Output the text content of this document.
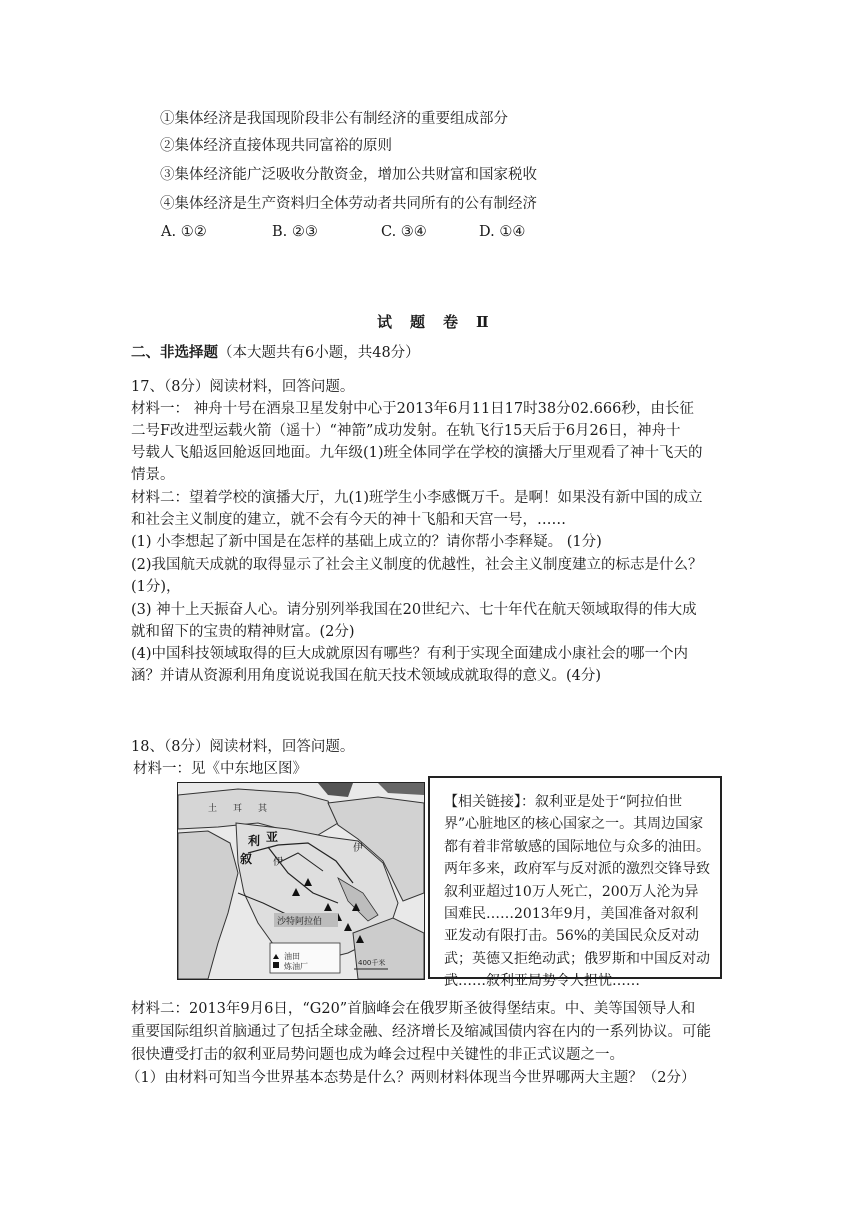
①集体经济是我国现阶段非公有制经济的重要组成部分
②集体经济直接体现共同富裕的原则
③集体经济能广泛吸收分散资金，增加公共财富和国家税收
④集体经济是生产资料归全体劳动者共同所有的公有制经济
A. ①②	B. ②③	C. ③④	D. ①④
试 题 卷 Ⅱ
二、非选择题（本大题共有6小题，共48分）
17、（8分）阅读材料，回答问题。
材料一： 神舟十号在酒泉卫星发射中心于2013年6月11日17时38分02.666秒，由长征
二号F改进型运载火箭（遥十）“神箭”成功发射。在轨飞行15天后于6月26日，神舟十
号载人飞船返回舱返回地面。九年级(1)班全体同学在学校的演播大厅里观看了神十飞天的
情景。
材料二：望着学校的演播大厅，九(1)班学生小李感慨万千。是啊！如果没有新中国的成立
和社会主义制度的建立，就不会有今天的神十飞船和天宫一号，……
(1) 小李想起了新中国是在怎样的基础上成立的？请你帮小李释疑。 (1分)
(2)我国航天成就的取得显示了社会主义制度的优越性，社会主义制度建立的标志是什么？
(1分)，
(3) 神十上天振奋人心。请分别列举我国在20世纪六、七十年代在航天领域取得的伟大成
就和留下的宝贵的精神财富。(2分)
(4)中国科技领域取得的巨大成就原因有哪些？有利于实现全面建成小康社会的哪一个内
涵？并请从资源利用角度说说我国在航天技术领域成就取得的意义。(4分)
18、（8分）阅读材料，回答问题。
材料一：见《中东地区图》
土 耳 其
利 亚
叙
伊
伊
沙特阿拉伯
油田
炼油厂	400千米
【相关链接】：叙利亚是处于“阿拉伯世界”心脏地区的核心国家之一。其周边国家都有着非常敏感的国际地位与众多的油田。两年多来，政府军与反对派的激烈交锋导致叙利亚超过10万人死亡，200万人沦为异国难民……2013年9月，美国准备对叙利亚发动有限打击。56%的美国民众反对动武；英德又拒绝动武；俄罗斯和中国反对动武……叙利亚局势令人担忧……
材料二：2013年9月6日，“G20”首脑峰会在俄罗斯圣彼得堡结束。中、美等国领导人和
重要国际组织首脑通过了包括全球金融、经济增长及缩减国债内容在内的一系列协议。可能
很快遭受打击的叙利亚局势问题也成为峰会过程中关键性的非正式议题之一。
（1）由材料可知当今世界基本态势是什么？两则材料体现当今世界哪两大主题？（2分）
